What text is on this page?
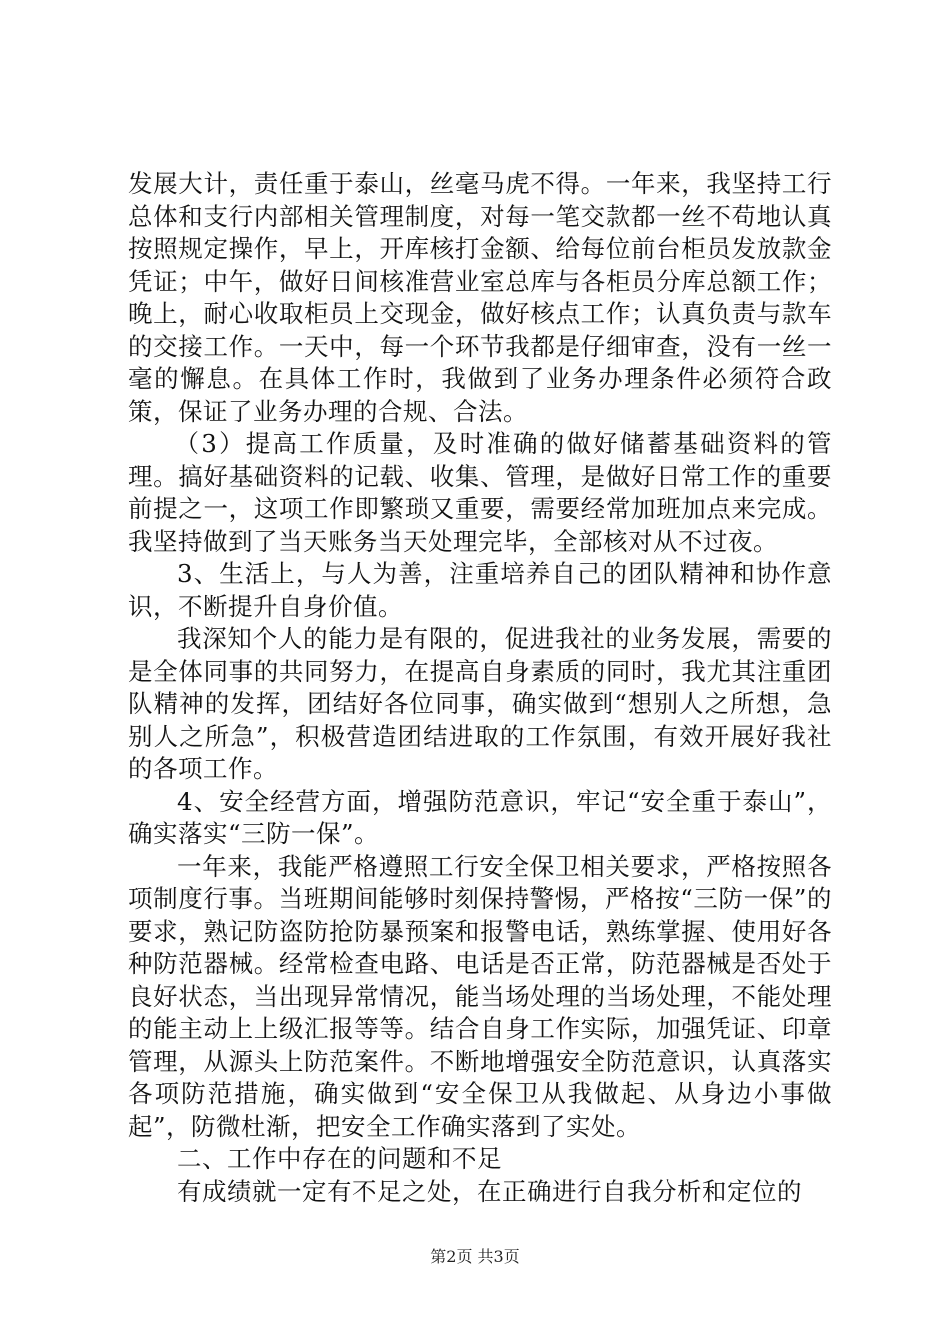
发展大计，责任重于泰山，丝毫马虎不得。一年来，我坚持工行总体和支行内部相关管理制度，对每一笔交款都一丝不苟地认真按照规定操作，早上，开库核打金额、给每位前台柜员发放款金凭证；中午，做好日间核准营业室总库与各柜员分库总额工作；晚上，耐心收取柜员上交现金，做好核点工作；认真负责与款车的交接工作。一天中，每一个环节我都是仔细审查，没有一丝一毫的懈息。在具体工作时，我做到了业务办理条件必须符合政策，保证了业务办理的合规、合法。

（3）提高工作质量，及时准确的做好储蓄基础资料的管理。搞好基础资料的记载、收集、管理，是做好日常工作的重要前提之一，这项工作即繁琐又重要，需要经常加班加点来完成。我坚持做到了当天账务当天处理完毕，全部核对从不过夜。

3、生活上，与人为善，注重培养自己的团队精神和协作意识，不断提升自身价值。

我深知个人的能力是有限的，促进我社的业务发展，需要的是全体同事的共同努力，在提高自身素质的同时，我尤其注重团队精神的发挥，团结好各位同事，确实做到“想别人之所想，急别人之所急”，积极营造团结进取的工作氛围，有效开展好我社的各项工作。

4、安全经营方面，增强防范意识，牢记“安全重于泰山”，确实落实“三防一保”。

一年来，我能严格遵照工行安全保卫相关要求，严格按照各项制度行事。当班期间能够时刻保持警惕，严格按“三防一保”的要求，熟记防盗防抢防暴预案和报警电话，熟练掌握、使用好各种防范器械。经常检查电路、电话是否正常，防范器械是否处于良好状态，当出现异常情况，能当场处理的当场处理，不能处理的能主动上上级汇报等等。结合自身工作实际，加强凭证、印章管理，从源头上防范案件。不断地增强安全防范意识，认真落实各项防范措施，确实做到“安全保卫从我做起、从身边小事做起”，防微杜渐，把安全工作确实落到了实处。

二、工作中存在的问题和不足

有成绩就一定有不足之处，在正确进行自我分析和定位的

第2页 共3页
